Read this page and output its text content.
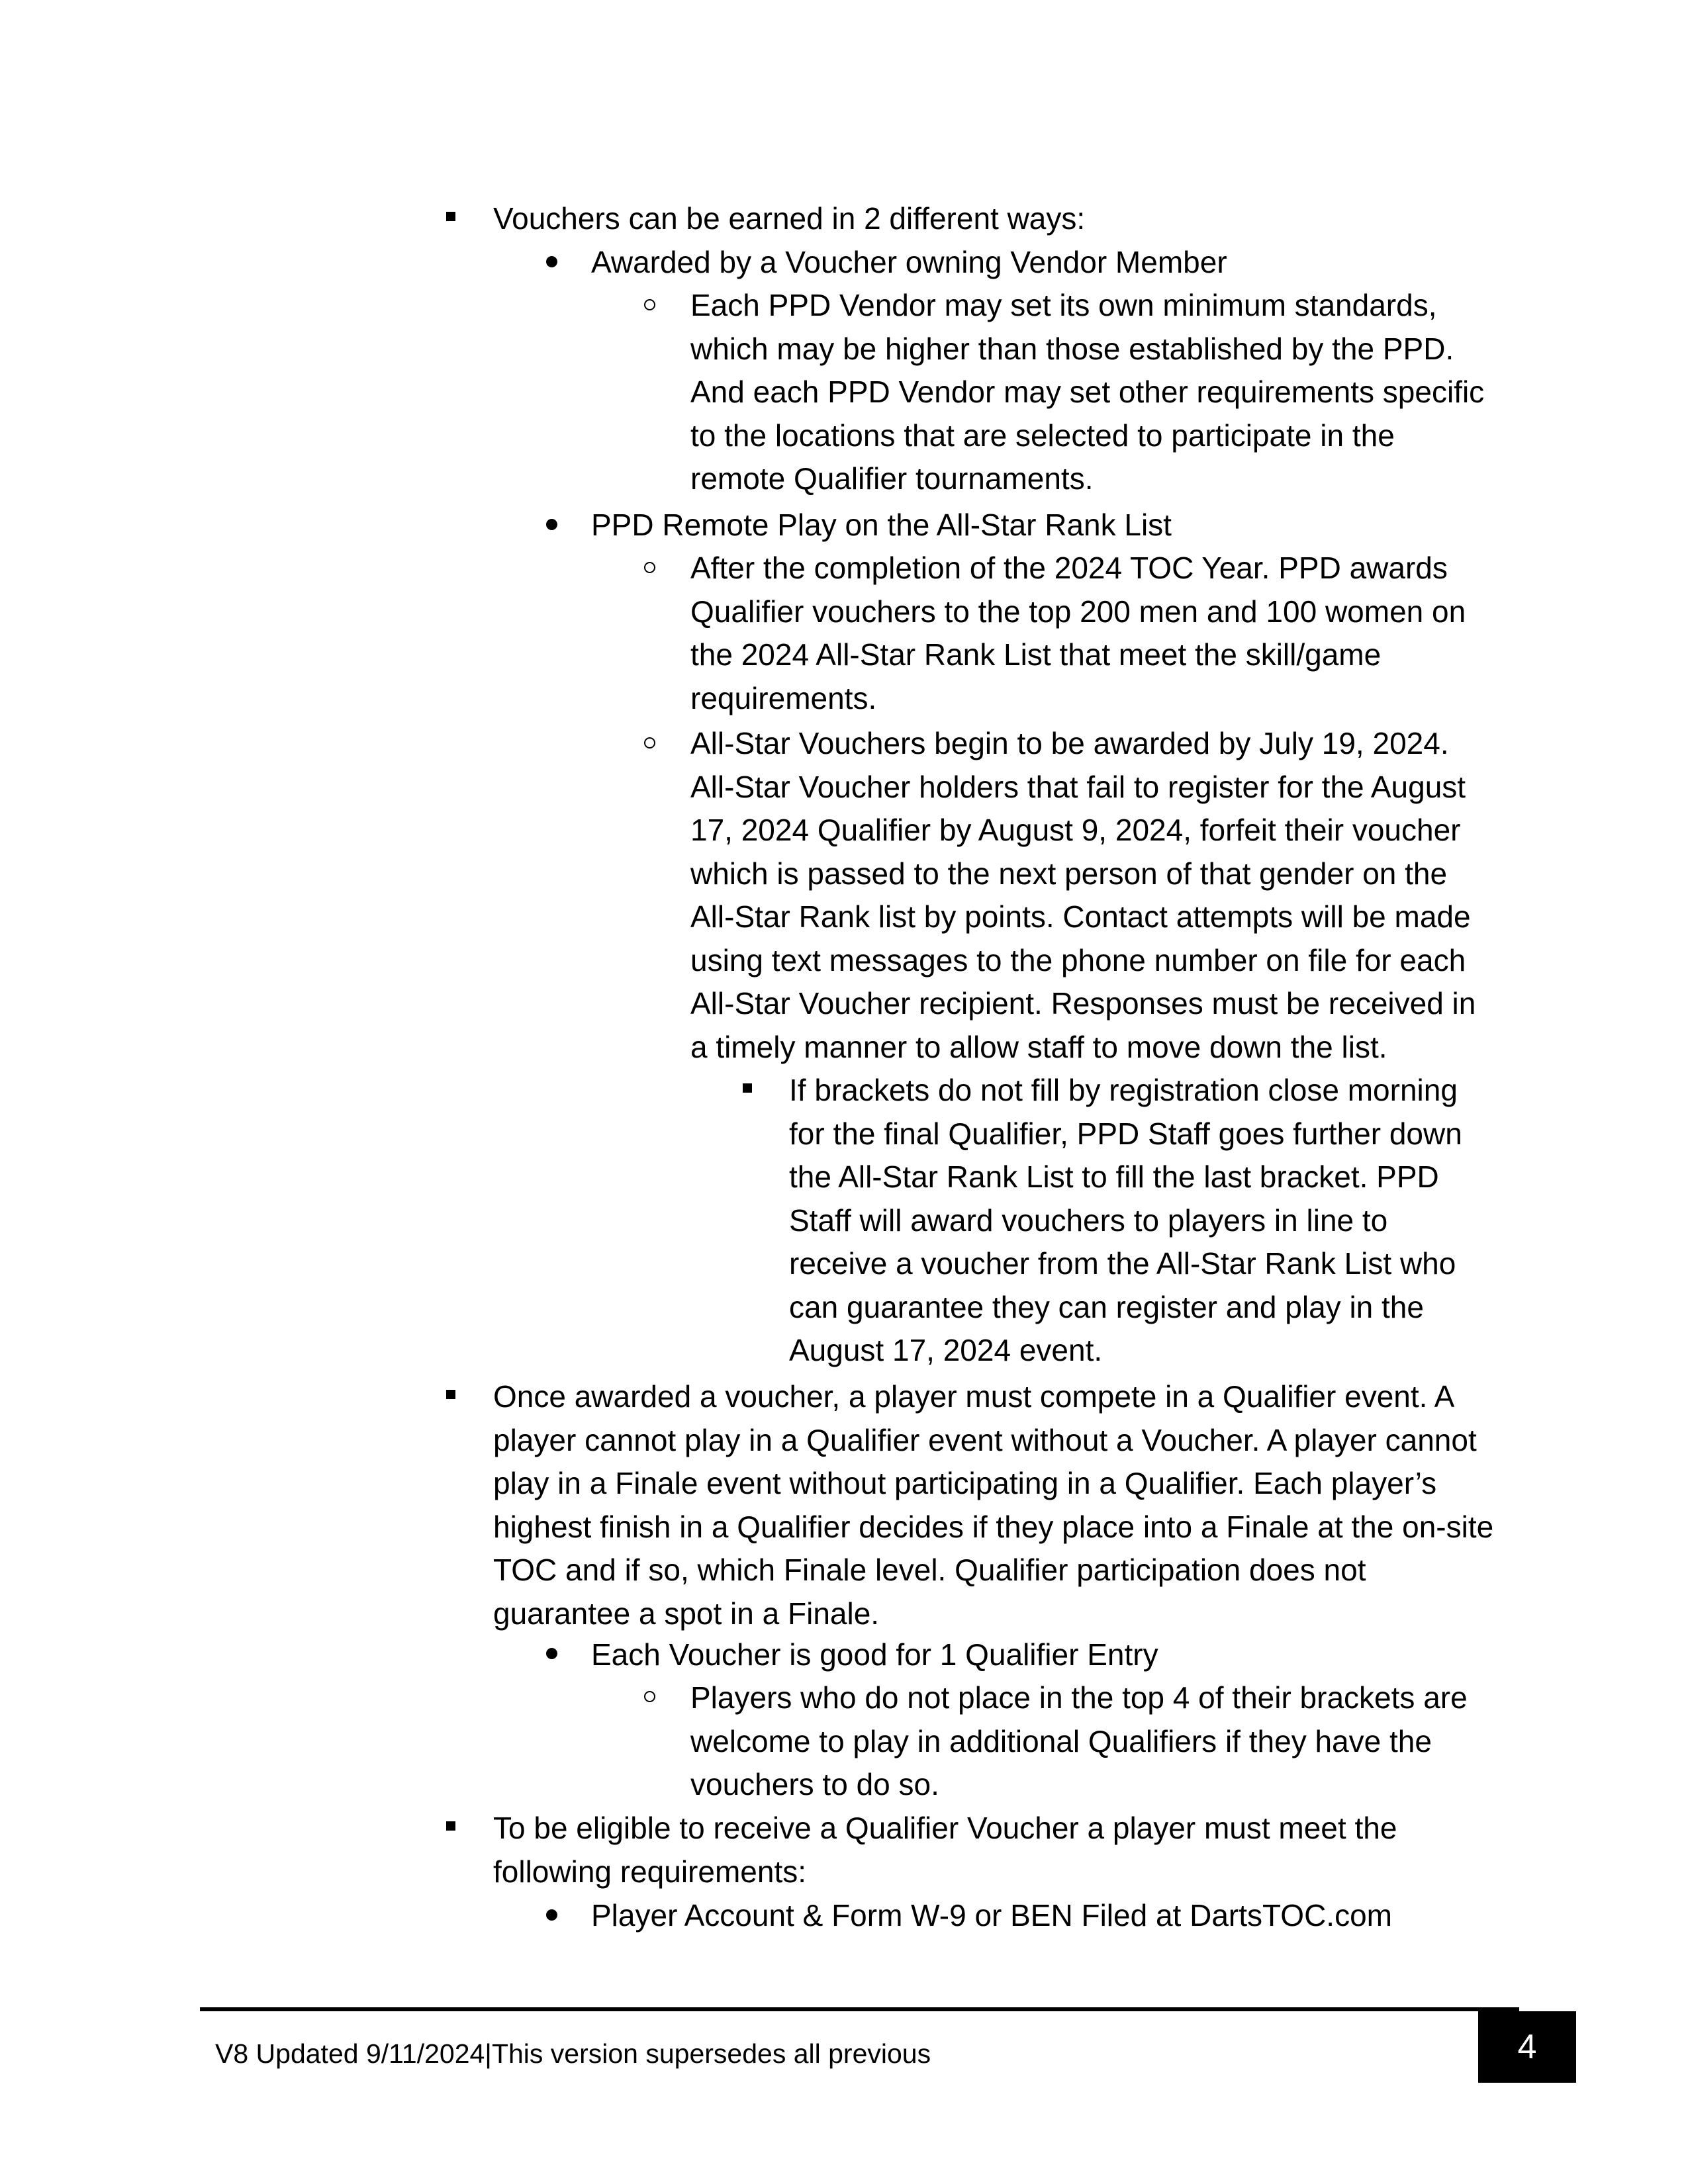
Vouchers can be earned in 2 different ways:
Awarded by a Voucher owning Vendor Member
Each PPD Vendor may set its own minimum standards, which may be higher than those established by the PPD. And each PPD Vendor may set other requirements specific to the locations that are selected to participate in the remote Qualifier tournaments.
PPD Remote Play on the All-Star Rank List
After the completion of the 2024 TOC Year. PPD awards Qualifier vouchers to the top 200 men and 100 women on the 2024 All-Star Rank List that meet the skill/game requirements.
All-Star Vouchers begin to be awarded by July 19, 2024. All-Star Voucher holders that fail to register for the August 17, 2024 Qualifier by August 9, 2024, forfeit their voucher which is passed to the next person of that gender on the All-Star Rank list by points. Contact attempts will be made using text messages to the phone number on file for each All-Star Voucher recipient. Responses must be received in a timely manner to allow staff to move down the list.
If brackets do not fill by registration close morning for the final Qualifier, PPD Staff goes further down the All-Star Rank List to fill the last bracket. PPD Staff will award vouchers to players in line to receive a voucher from the All-Star Rank List who can guarantee they can register and play in the August 17, 2024 event.
Once awarded a voucher, a player must compete in a Qualifier event. A player cannot play in a Qualifier event without a Voucher. A player cannot play in a Finale event without participating in a Qualifier. Each player’s highest finish in a Qualifier decides if they place into a Finale at the on-site TOC and if so, which Finale level. Qualifier participation does not guarantee a spot in a Finale.
Each Voucher is good for 1 Qualifier Entry
Players who do not place in the top 4 of their brackets are welcome to play in additional Qualifiers if they have the vouchers to do so.
To be eligible to receive a Qualifier Voucher a player must meet the following requirements:
Player Account & Form W-9 or BEN Filed at DartsTOC.com
V8 Updated 9/11/2024|This version supersedes all previous	4
